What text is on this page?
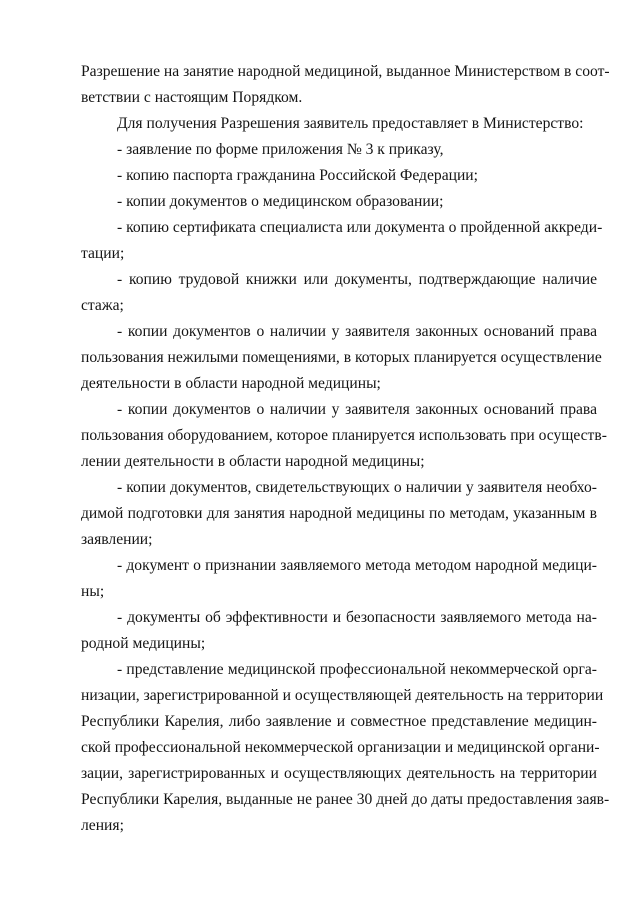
Разрешение на занятие народной медициной, выданное Министерством в соот-
ветствии с настоящим Порядком.
Для получения Разрешения заявитель предоставляет в Министерство:
- заявление по форме приложения № 3 к приказу,
- копию паспорта гражданина Российской Федерации;
- копии документов о медицинском образовании;
- копию сертификата специалиста или документа о пройденной аккреди-
тации;
- копию трудовой книжки или документы, подтверждающие наличие
стажа;
- копии документов о наличии у заявителя законных оснований права
пользования нежилыми помещениями, в которых планируется осуществление
деятельности в области народной медицины;
- копии документов о наличии у заявителя законных оснований права
пользования оборудованием, которое планируется использовать при осуществ-
лении деятельности в области народной медицины;
- копии документов, свидетельствующих о наличии у заявителя необхо-
димой подготовки для занятия народной медицины по методам, указанным в
заявлении;
- документ о признании заявляемого метода методом народной медици-
ны;
- документы об эффективности и безопасности заявляемого метода на-
родной медицины;
- представление медицинской профессиональной некоммерческой орга-
низации, зарегистрированной и осуществляющей деятельность на территории
Республики Карелия, либо заявление и совместное представление медицин-
ской профессиональной некоммерческой организации и медицинской органи-
зации, зарегистрированных и осуществляющих деятельность на территории
Республики Карелия, выданные не ранее 30 дней до даты предоставления заяв-
ления;
